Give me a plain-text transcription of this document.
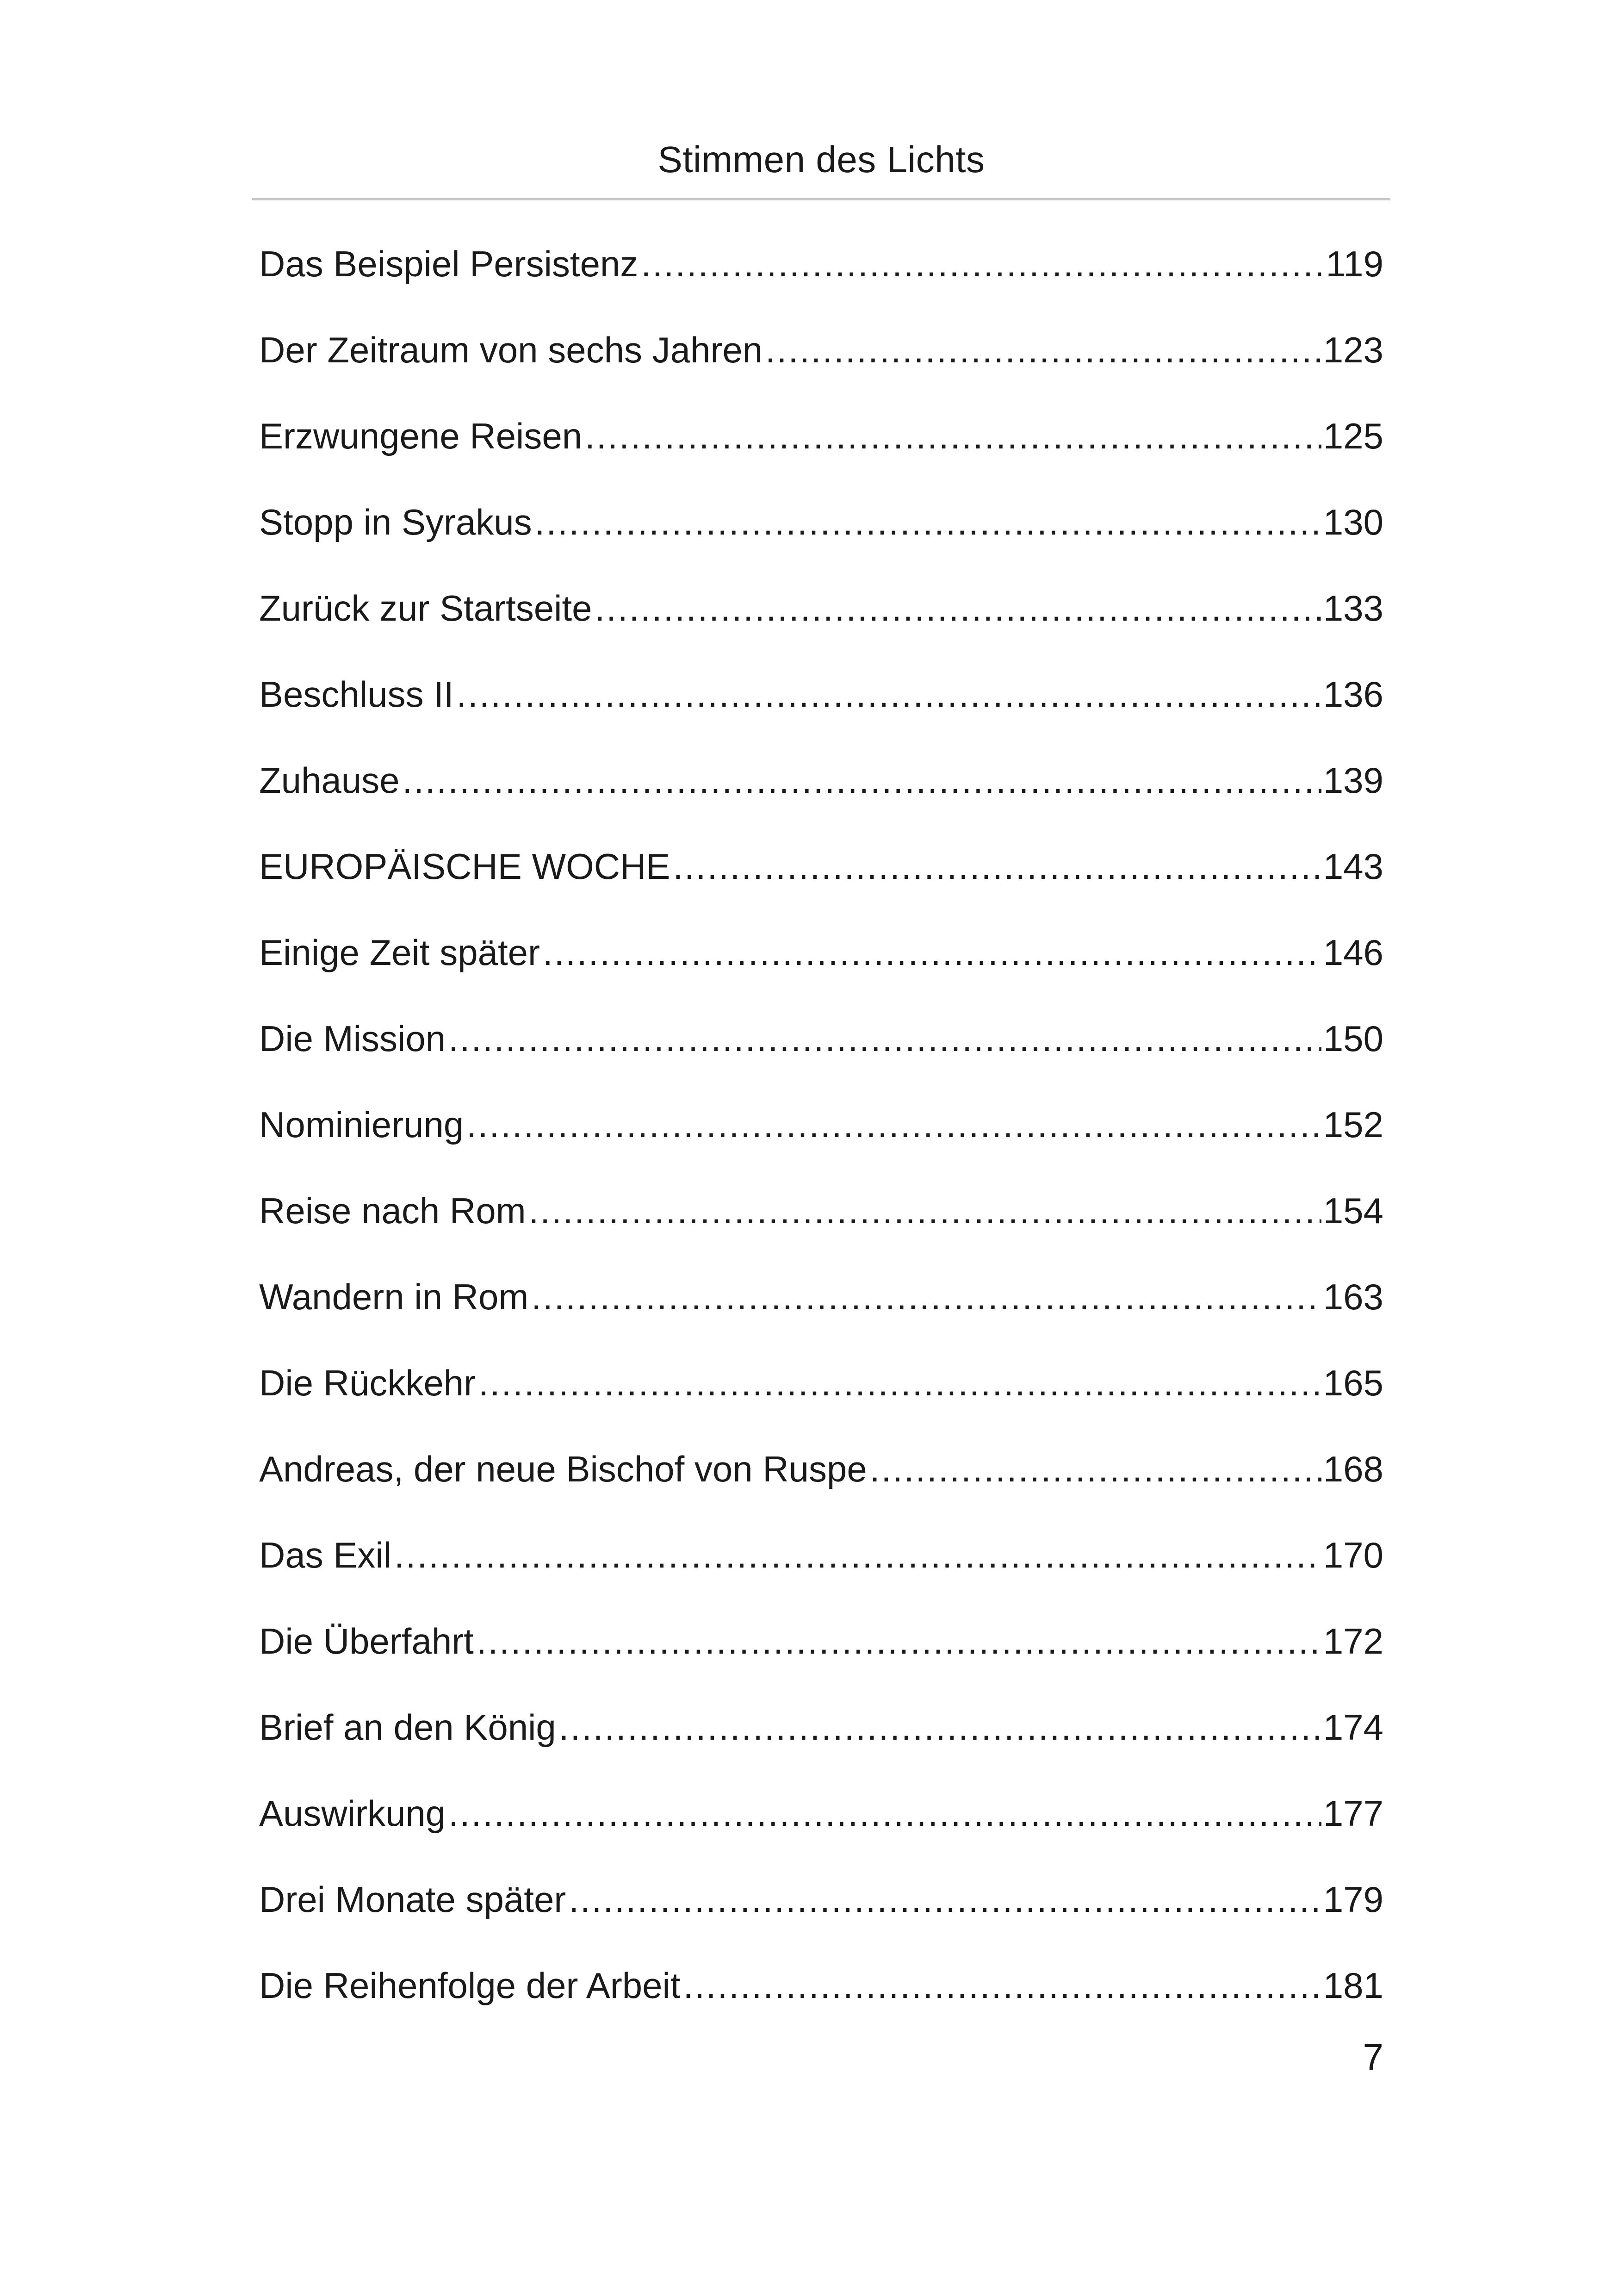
Stimmen des Lichts
Das Beispiel Persistenz .....	119
Der Zeitraum von sechs Jahren .....	123
Erzwungene Reisen .....	125
Stopp in Syrakus .....	130
Zurück zur Startseite .....	133
Beschluss II .....	136
Zuhause .....	139
EUROPÄISCHE WOCHE .....	143
Einige Zeit später .....	146
Die Mission .....	150
Nominierung .....	152
Reise nach Rom .....	154
Wandern in Rom .....	163
Die Rückkehr .....	165
Andreas, der neue Bischof von Ruspe .....	168
Das Exil .....	170
Die Überfahrt .....	172
Brief an den König .....	174
Auswirkung .....	177
Drei Monate später .....	179
Die Reihenfolge der Arbeit .....	181
7
